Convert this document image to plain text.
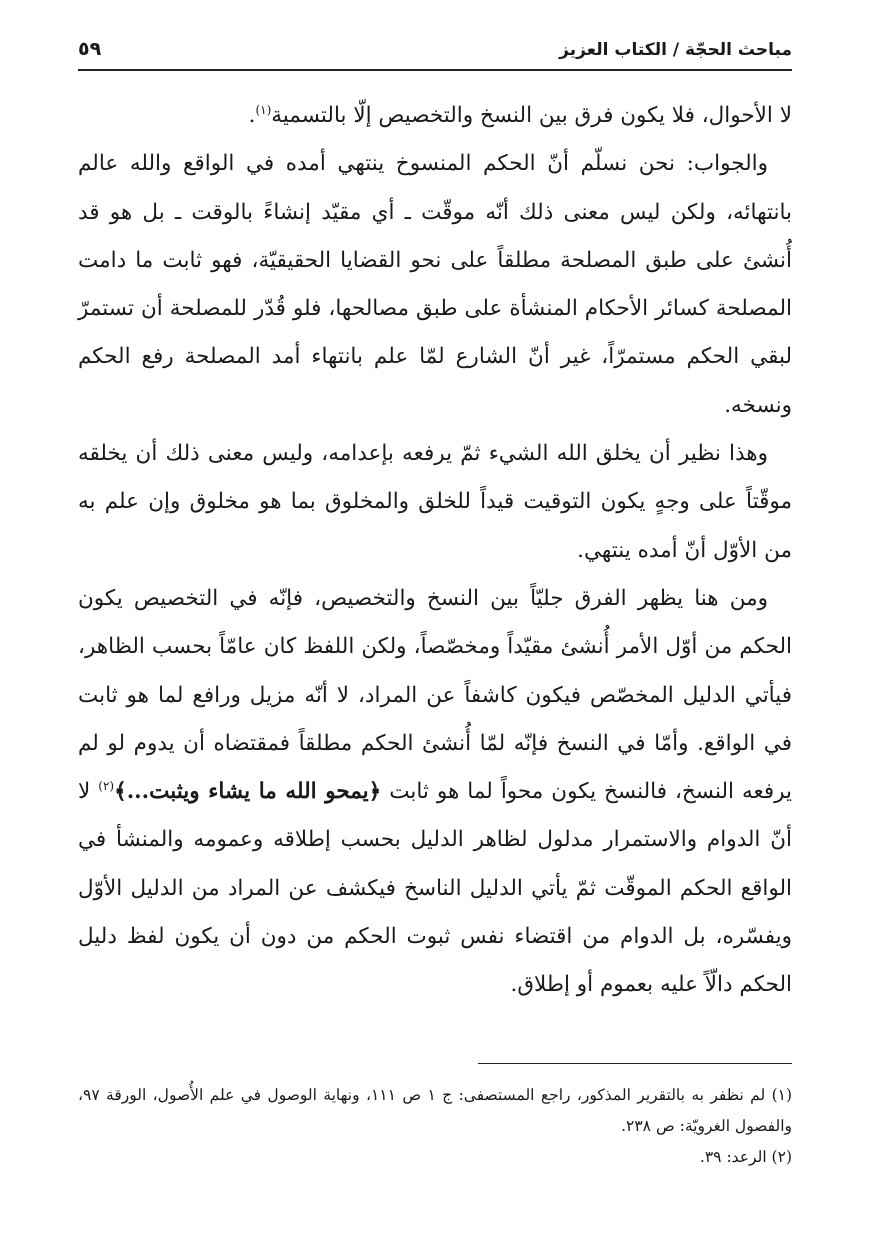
مباحث الحجّة / الكتاب العزيز
٥٩

لا الأحوال، فلا يكون فرق بين النسخ والتخصيص إلّا بالتسمية$^{(١)}$.

والجواب: نحن نسلّم أنّ الحكم المنسوخ ينتهي أمده في الواقع والله عالم بانتهائه، ولكن ليس معنى ذلك أنّه موقّت ـ أي مقيّد إنشاءً بالوقت ـ بل هو قد أُنشئ على طبق المصلحة مطلقاً على نحو القضايا الحقيقيّة، فهو ثابت ما دامت المصلحة كسائر الأحكام المنشأة على طبق مصالحها، فلو قُدّر للمصلحة أن تستمرّ لبقي الحكم مستمرّاً، غير أنّ الشارع لمّا علم بانتهاء أمد المصلحة رفع الحكم ونسخه.

وهذا نظير أن يخلق الله الشيء ثمّ يرفعه بإعدامه، وليس معنى ذلك أن يخلقه موقّتاً على وجهٍ يكون التوقيت قيداً للخلق والمخلوق بما هو مخلوق وإن علم به من الأوّل أنّ أمده ينتهي.

ومن هنا يظهر الفرق جليّاً بين النسخ والتخصيص، فإنّه في التخصيص يكون الحكم من أوّل الأمر أُنشئ مقيّداً ومخصّصاً، ولكن اللفظ كان عامّاً بحسب الظاهر، فيأتي الدليل المخصّص فيكون كاشفاً عن المراد، لا أنّه مزيل ورافع لما هو ثابت في الواقع. وأمّا في النسخ فإنّه لمّا أُنشئ الحكم مطلقاً فمقتضاه أن يدوم لو لم يرفعه النسخ، فالنسخ يكون محواً لما هو ثابت ﴿يمحو الله ما يشاء ويثبت...﴾$^{(٢)}$ لا أنّ الدوام والاستمرار مدلول لظاهر الدليل بحسب إطلاقه وعمومه والمنشأ في الواقع الحكم الموقّت ثمّ يأتي الدليل الناسخ فيكشف عن المراد من الدليل الأوّل ويفسّره، بل الدوام من اقتضاء نفس ثبوت الحكم من دون أن يكون لفظ دليل الحكم دالّاً عليه بعموم أو إطلاق.

(١) لم نظفر به بالتقرير المذكور، راجع المستصفى: ج ١ ص ١١١، ونهاية الوصول في علم الأُصول، الورقة ٩٧، والفصول الغرويّة: ص ٢٣٨.

(٢) الرعد: ٣٩.
